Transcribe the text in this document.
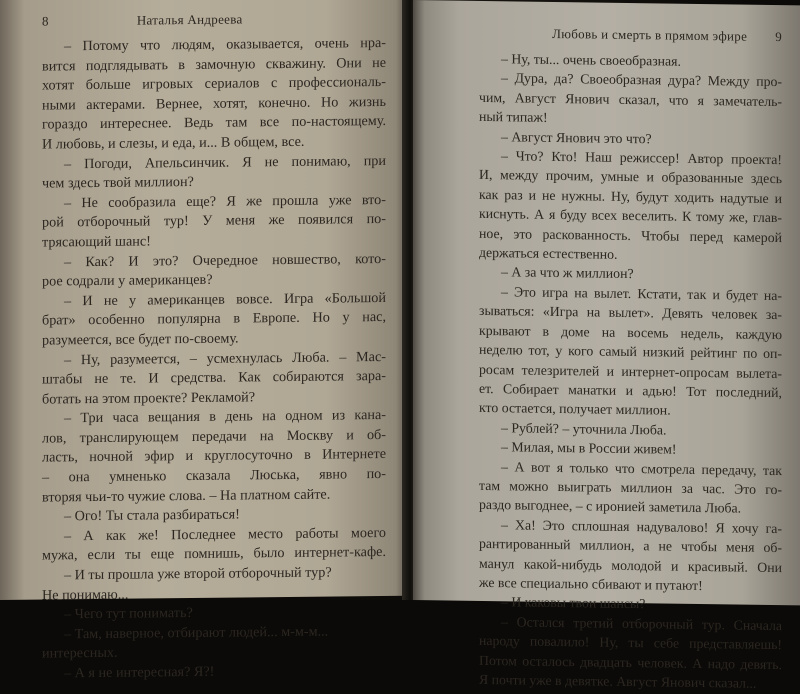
8	Наталья Андреева
– Потому что людям, оказывается, очень нра-
вится подглядывать в замочную скважину. Они не
хотят больше игровых сериалов с профессиональ-
ными актерами. Вернее, хотят, конечно. Но жизнь
гораздо интереснее. Ведь там все по-настоящему.
И любовь, и слезы, и еда, и... В общем, все.
– Погоди, Апельсинчик. Я не понимаю, при
чем здесь твой миллион?
– Не сообразила еще? Я же прошла уже вто-
рой отборочный тур! У меня же появился по-
трясающий шанс!
– Как? И это? Очередное новшество, кото-
рое содрали у американцев?
– И не у американцев вовсе. Игра «Большой
брат» особенно популярна в Европе. Но у нас,
разумеется, все будет по-своему.
– Ну, разумеется, – усмехнулась Люба. – Мас-
штабы не те. И средства. Как собираются зара-
ботать на этом проекте? Рекламой?
– Три часа вещания в день на одном из кана-
лов, транслирующем передачи на Москву и об-
ласть, ночной эфир и круглосуточно в Интернете
– она умненько сказала Люська, явно по-
вторяя чьи-то чужие слова. – На платном сайте.
– Ого! Ты стала разбираться!
– А как же! Последнее место работы моего
мужа, если ты еще помнишь, было интернет-кафе.
– И ты прошла уже второй отборочный тур?
Не понимаю...
– Чего тут понимать?
– Там, наверное, отбирают людей... м-м-м...
интересных.
– А я не интересная? Я?!
Любовь и смерть в прямом эфире 9
– Ну, ты... очень своеобразная.
– Дура, да? Своеобразная дура? Между про-
чим, Август Янович сказал, что я замечатель-
ный типаж!
– Август Янович это что?
– Что? Кто! Наш режиссер! Автор проекта!
И, между прочим, умные и образованные здесь
как раз и не нужны. Ну, будут ходить надутые и
киснуть. А я буду всех веселить. К тому же, глав-
ное, это раскованность. Чтобы перед камерой
держаться естественно.
– А за что ж миллион?
– Это игра на вылет. Кстати, так и будет на-
зываться: «Игра на вылет». Девять человек за-
крывают в доме на восемь недель, каждую
неделю тот, у кого самый низкий рейтинг по оп-
росам телезрителей и интернет-опросам вылета-
ет. Собирает манатки и адью! Тот последний,
кто остается, получает миллион.
– Рублей? – уточнила Люба.
– Милая, мы в России живем!
– А вот я только что смотрела передачу, так
там можно выиграть миллион за час. Это го-
раздо выгоднее, – с иронией заметила Люба.
– Ха! Это сплошная надувалово! Я хочу га-
рантированный миллион, а не чтобы меня об-
манул какой-нибудь молодой и красивый. Они
же все специально сбивают и путают!
– И каковы твои шансы?
– Остался третий отборочный тур. Сначала
народу повалило! Ну, ты себе представляешь!
Потом осталось двадцать человек. А надо девять.
Я почти уже в девятке. Август Янович сказал...
